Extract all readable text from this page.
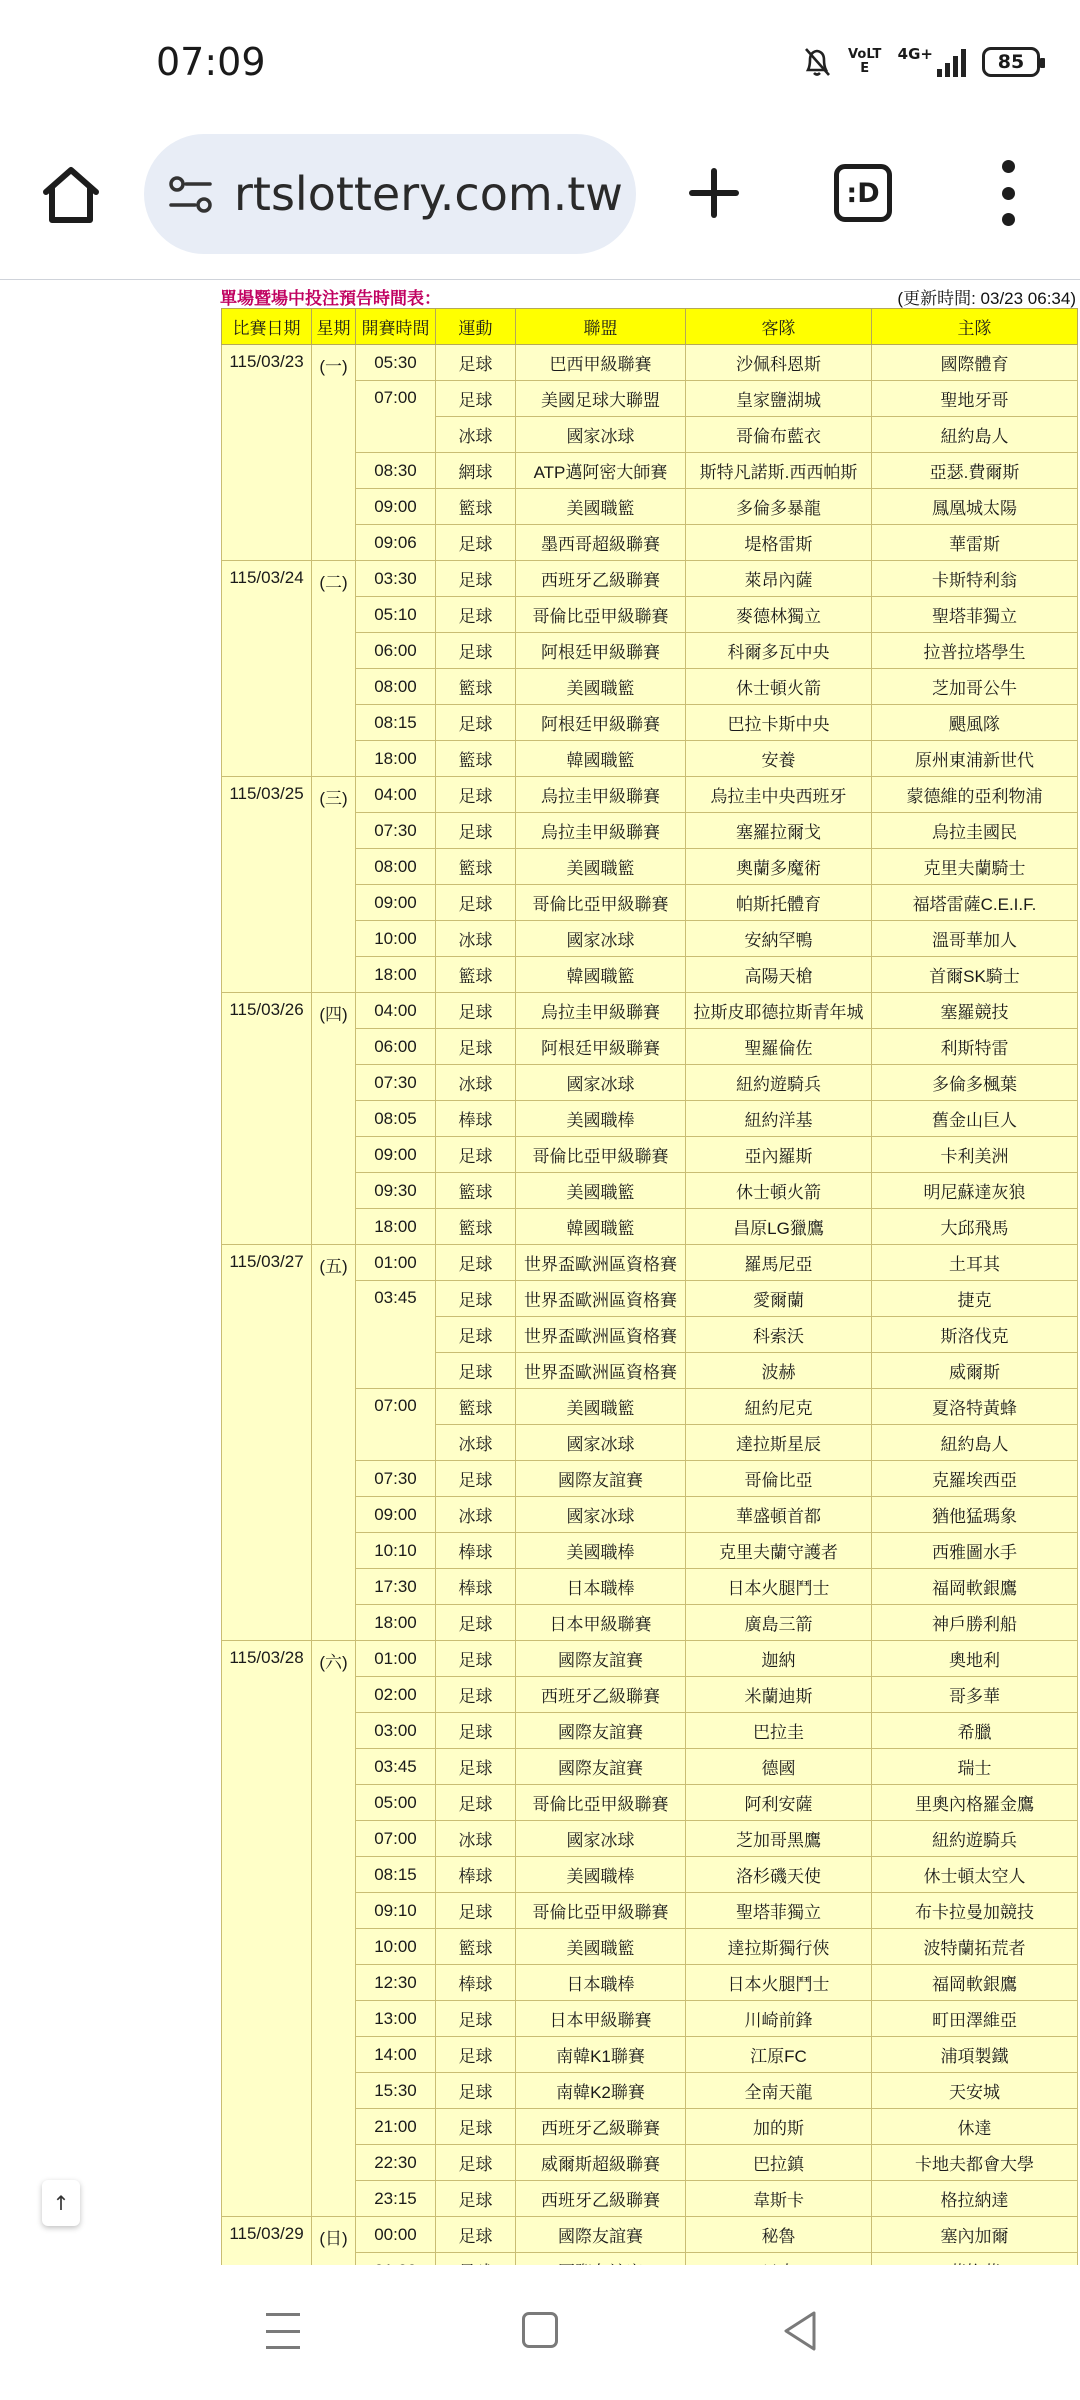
07:09	VoLTE
4G+	85
rtslottery.com.tw	:D
單場暨場中投注預告時間表：	(更新時間: 03/23 06:34)
比賽日期	星期	開賽時間	運動	聯盟	客隊	主隊
115/03/23	(一)	05:30	足球	巴西甲級聯賽	沙佩科恩斯	國際體育
		07:00	足球	美國足球大聯盟	皇家鹽湖城	聖地牙哥
			冰球	國家冰球	哥倫布藍衣	紐約島人
		08:30	網球	ATP邁阿密大師賽	斯特凡諾斯.西西帕斯	亞瑟.費爾斯
		09:00	籃球	美國職籃	多倫多暴龍	鳳凰城太陽
		09:06	足球	墨西哥超級聯賽	堤格雷斯	華雷斯
115/03/24	(二)	03:30	足球	西班牙乙級聯賽	萊昂內薩	卡斯特利翁
		05:10	足球	哥倫比亞甲級聯賽	麥德林獨立	聖塔菲獨立
		06:00	足球	阿根廷甲級聯賽	科爾多瓦中央	拉普拉塔學生
		08:00	籃球	美國職籃	休士頓火箭	芝加哥公牛
		08:15	足球	阿根廷甲級聯賽	巴拉卡斯中央	颶風隊
		18:00	籃球	韓國職籃	安養	原州東浦新世代
115/03/25	(三)	04:00	足球	烏拉圭甲級聯賽	烏拉圭中央西班牙	蒙德維的亞利物浦
		07:30	足球	烏拉圭甲級聯賽	塞羅拉爾戈	烏拉圭國民
		08:00	籃球	美國職籃	奧蘭多魔術	克里夫蘭騎士
		09:00	足球	哥倫比亞甲級聯賽	帕斯托體育	福塔雷薩C.E.I.F.
		10:00	冰球	國家冰球	安納罕鴨	溫哥華加人
		18:00	籃球	韓國職籃	高陽天槍	首爾SK騎士
115/03/26	(四)	04:00	足球	烏拉圭甲級聯賽	拉斯皮耶德拉斯青年城	塞羅競技
		06:00	足球	阿根廷甲級聯賽	聖羅倫佐	利斯特雷
		07:30	冰球	國家冰球	紐約遊騎兵	多倫多楓葉
		08:05	棒球	美國職棒	紐約洋基	舊金山巨人
		09:00	足球	哥倫比亞甲級聯賽	亞內羅斯	卡利美洲
		09:30	籃球	美國職籃	休士頓火箭	明尼蘇達灰狼
		18:00	籃球	韓國職籃	昌原LG獵鷹	大邱飛馬
115/03/27	(五)	01:00	足球	世界盃歐洲區資格賽	羅馬尼亞	土耳其
		03:45	足球	世界盃歐洲區資格賽	愛爾蘭	捷克
			足球	世界盃歐洲區資格賽	科索沃	斯洛伐克
			足球	世界盃歐洲區資格賽	波赫	威爾斯
		07:00	籃球	美國職籃	紐約尼克	夏洛特黃蜂
			冰球	國家冰球	達拉斯星辰	紐約島人
		07:30	足球	國際友誼賽	哥倫比亞	克羅埃西亞
		09:00	冰球	國家冰球	華盛頓首都	猶他猛瑪象
		10:10	棒球	美國職棒	克里夫蘭守護者	西雅圖水手
		17:30	棒球	日本職棒	日本火腿鬥士	福岡軟銀鷹
		18:00	足球	日本甲級聯賽	廣島三箭	神戶勝利船
115/03/28	(六)	01:00	足球	國際友誼賽	迦納	奧地利
		02:00	足球	西班牙乙級聯賽	米蘭迪斯	哥多華
		03:00	足球	國際友誼賽	巴拉圭	希臘
		03:45	足球	國際友誼賽	德國	瑞士
		05:00	足球	哥倫比亞甲級聯賽	阿利安薩	里奧內格羅金鷹
		07:00	冰球	國家冰球	芝加哥黑鷹	紐約遊騎兵
		08:15	棒球	美國職棒	洛杉磯天使	休士頓太空人
		09:10	足球	哥倫比亞甲級聯賽	聖塔菲獨立	布卡拉曼加競技
		10:00	籃球	美國職籃	達拉斯獨行俠	波特蘭拓荒者
		12:30	棒球	日本職棒	日本火腿鬥士	福岡軟銀鷹
		13:00	足球	日本甲級聯賽	川崎前鋒	町田澤維亞
		14:00	足球	南韓K1聯賽	江原FC	浦項製鐵
		15:30	足球	南韓K2聯賽	全南天龍	天安城
		21:00	足球	西班牙乙級聯賽	加的斯	休達
		22:30	足球	威爾斯超級聯賽	巴拉鎮	卡地夫都會大學
		23:15	足球	西班牙乙級聯賽	韋斯卡	格拉納達
115/03/29	(日)	00:00	足球	國際友誼賽	秘魯	塞內加爾

↑
